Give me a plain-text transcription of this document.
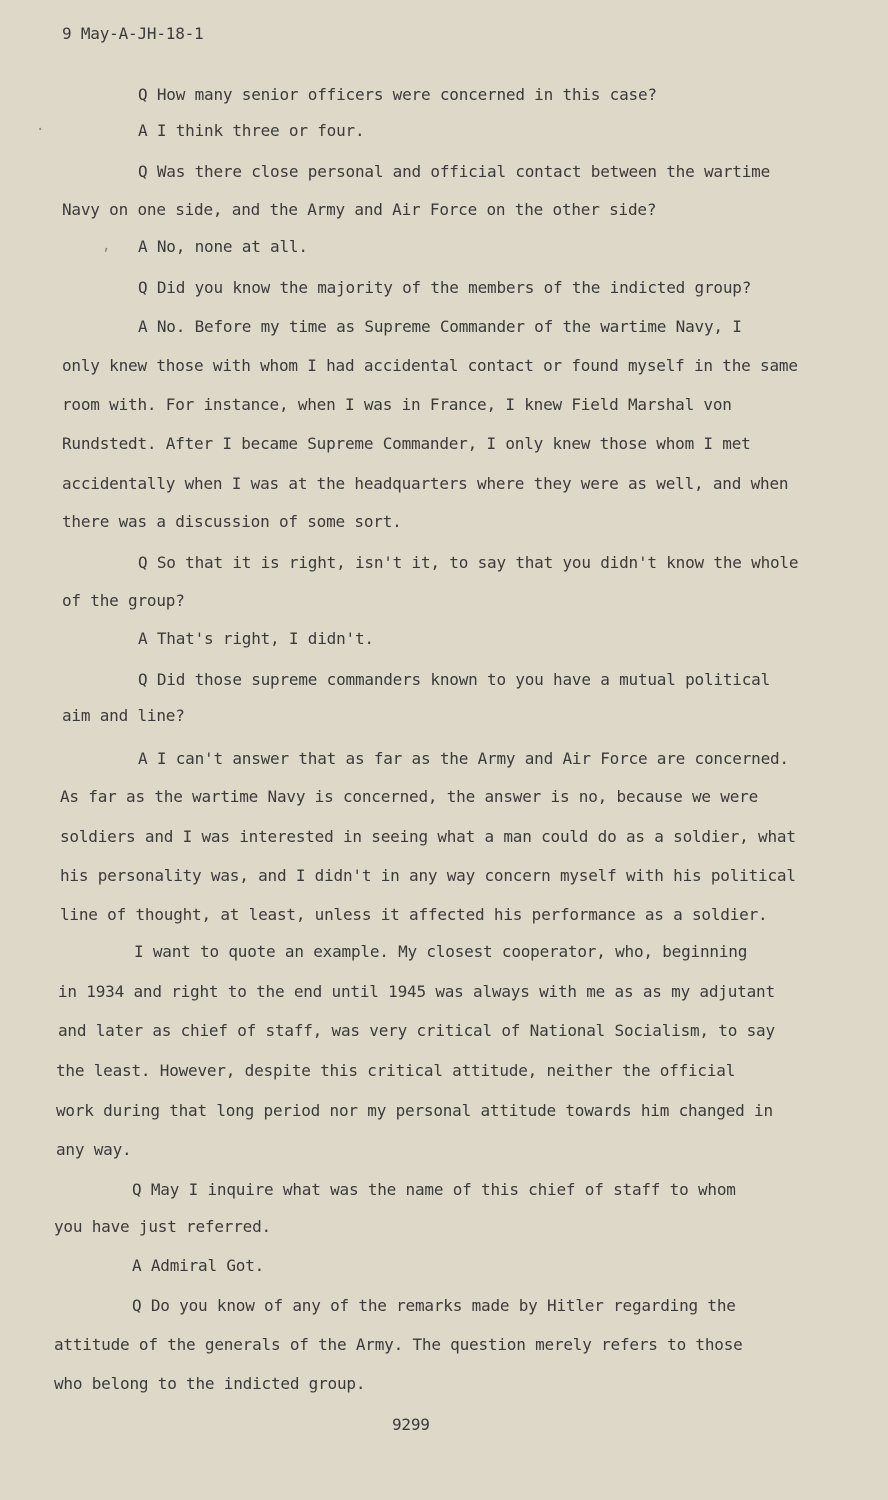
9 May-A-JH-18-1
·
,
Q How many senior officers were concerned in this case?
A I think three or four.
Q Was there close personal and official contact between the wartime
Navy on one side, and the Army and Air Force on the other side?
A No, none at all.
Q Did you know the majority of the members of the indicted group?
A No. Before my time as Supreme Commander of the wartime Navy, I
only knew those with whom I had accidental contact or found myself in the same
room with. For instance, when I was in France, I knew Field Marshal von
Rundstedt. After I became Supreme Commander, I only knew those whom I met
accidentally when I was at the headquarters where they were as well, and when
there was a discussion of some sort.
Q So that it is right, isn't it, to say that you didn't know the whole
of the group?
A That's right, I didn't.
Q Did those supreme commanders known to you have a mutual political
aim and line?
A I can't answer that as far as the Army and Air Force are concerned.
As far as the wartime Navy is concerned, the answer is no, because we were
soldiers and I was interested in seeing what a man could do as a soldier, what
his personality was, and I didn't in any way concern myself with his political
line of thought, at least, unless it affected his performance as a soldier.
I want to quote an example. My closest cooperator, who, beginning
in 1934 and right to the end until 1945 was always with me as as my adjutant
and later as chief of staff, was very critical of National Socialism, to say
the least. However, despite this critical attitude, neither the official
work during that long period nor my personal attitude towards him changed in
any way.
Q May I inquire what was the name of this chief of staff to whom
you have just referred.
A Admiral Got.
Q Do you know of any of the remarks made by Hitler regarding the
attitude of the generals of the Army. The question merely refers to those
who belong to the indicted group.
9299
